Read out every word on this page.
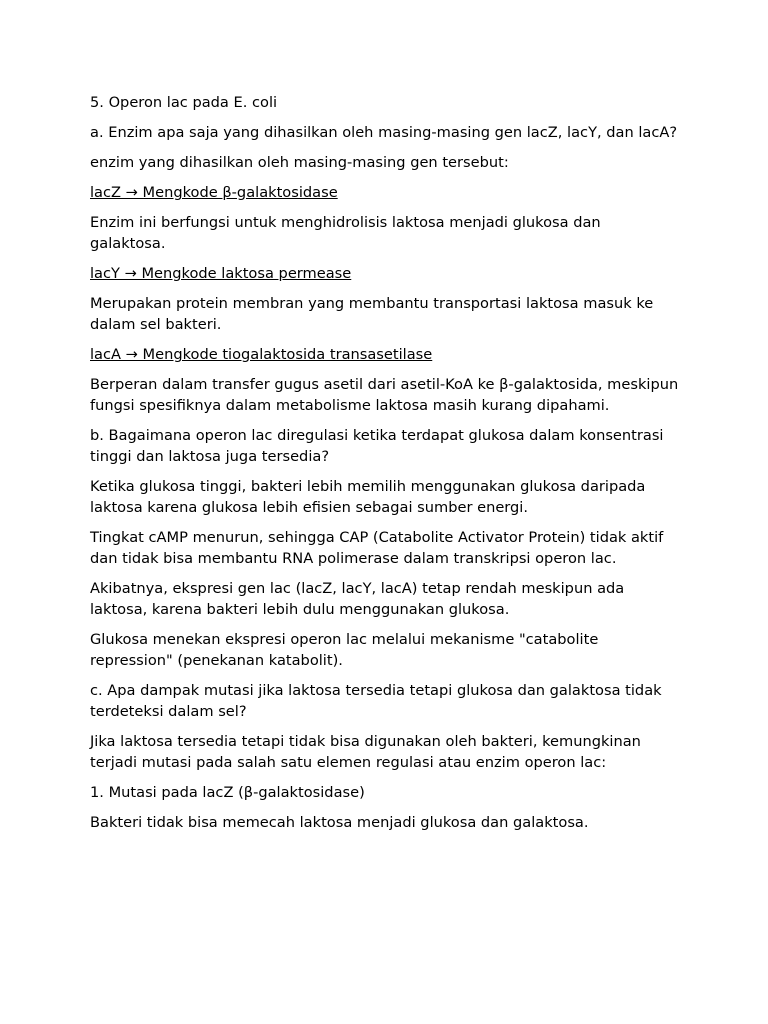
5. Operon lac pada E. coli

a. Enzim apa saja yang dihasilkan oleh masing-masing gen lacZ, lacY, dan lacA?

enzim yang dihasilkan oleh masing-masing gen tersebut:

lacZ → Mengkode β-galaktosidase

Enzim ini berfungsi untuk menghidrolisis laktosa menjadi glukosa dan galaktosa.

lacY → Mengkode laktosa permease

Merupakan protein membran yang membantu transportasi laktosa masuk ke dalam sel bakteri.

lacA → Mengkode tiogalaktosida transasetilase

Berperan dalam transfer gugus asetil dari asetil-KoA ke β-galaktosida, meskipun fungsi spesifiknya dalam metabolisme laktosa masih kurang dipahami.

b. Bagaimana operon lac diregulasi ketika terdapat glukosa dalam konsentrasi tinggi dan laktosa juga tersedia?

Ketika glukosa tinggi, bakteri lebih memilih menggunakan glukosa daripada laktosa karena glukosa lebih efisien sebagai sumber energi.

Tingkat cAMP menurun, sehingga CAP (Catabolite Activator Protein) tidak aktif dan tidak bisa membantu RNA polimerase dalam transkripsi operon lac.

Akibatnya, ekspresi gen lac (lacZ, lacY, lacA) tetap rendah meskipun ada laktosa, karena bakteri lebih dulu menggunakan glukosa.

Glukosa menekan ekspresi operon lac melalui mekanisme "catabolite repression" (penekanan katabolit).

c. Apa dampak mutasi jika laktosa tersedia tetapi glukosa dan galaktosa tidak terdeteksi dalam sel?

Jika laktosa tersedia tetapi tidak bisa digunakan oleh bakteri, kemungkinan terjadi mutasi pada salah satu elemen regulasi atau enzim operon lac:

1. Mutasi pada lacZ (β-galaktosidase)

Bakteri tidak bisa memecah laktosa menjadi glukosa dan galaktosa.
